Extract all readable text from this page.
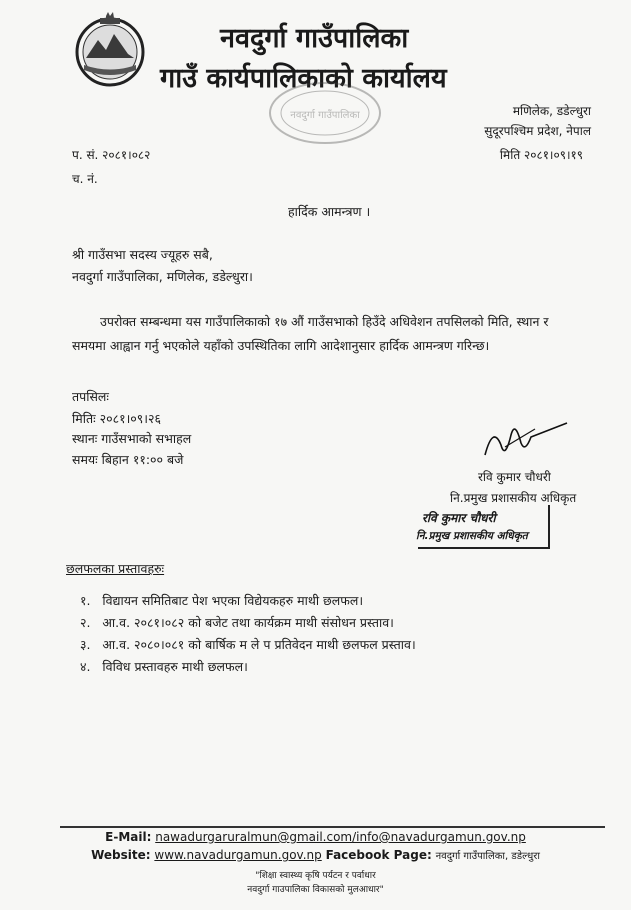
नवदुर्गा गाउँपालिका
गाउँ कार्यपालिकाको कार्यालय
नवदुर्गा गाउँपालिका	मणिलेक, डडेल्धुरा
सुदूरपश्चिम प्रदेश, नेपाल
प. सं. २०८१।०८२	मिति २०८१।०९।१९
च. नं.
हार्दिक आमन्त्रण ।
श्री गाउँसभा सदस्य ज्यूहरु सबै,
नवदुर्गा गाउँपालिका, मणिलेक, डडेल्धुरा।
उपरोक्त सम्बन्धमा यस गाउँपालिकाको १७ औं गाउँसभाको हिउँदे अधिवेशन तपसिलको मिति, स्थान र समयमा आह्वान गर्नु भएकोले यहाँको उपस्थितिका लागि आदेशानुसार हार्दिक आमन्त्रण गरिन्छ।
तपसिलः
मितिः २०८१।०९।२६
स्थानः गाउँसभाको सभाहल
समयः बिहान ११:०० बजे
रवि कुमार चौधरी
नि.प्रमुख प्रशासकीय अधिकृत
रवि कुमार चौधरी
नि.प्रमुख प्रशासकीय अधिकृत
छलफलका प्रस्तावहरुः
१. विद्यायन समितिबाट पेश भएका विद्येयकहरु माथी छलफल।
२. आ.व. २०८१।०८२ को बजेट तथा कार्यक्रम माथी संसोधन प्रस्ताव।
३. आ.व. २०८०।०८१ को बार्षिक म ले प प्रतिवेदन माथी छलफल प्रस्ताव।
४. विविध प्रस्तावहरु माथी छलफल।
E-Mail: nawadurgaruralmun@gmail.com/info@navadurgamun.gov.np
Website: www.navadurgamun.gov.np Facebook Page: नवदुर्गा गाउँपालिका, डडेल्धुरा
"शिक्षा स्वास्थ्य कृषि पर्यटन र पर्वाधार
नवदुर्गा गाउपालिका विकासको मुलआधार"
